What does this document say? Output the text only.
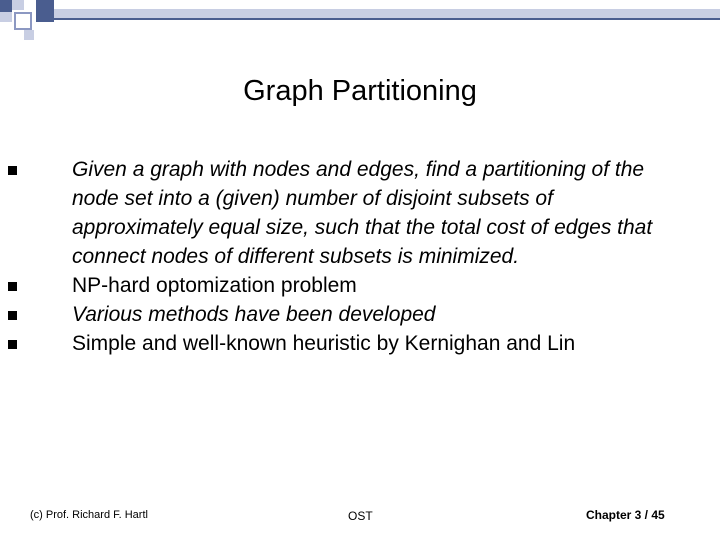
Graph Partitioning
Given a graph with nodes and edges, find a partitioning of the node set into a (given) number of disjoint subsets of approximately equal size, such that the total cost of edges that connect nodes of different subsets is minimized.
NP-hard optomization problem
Various methods have been developed
Simple and well-known heuristic by Kernighan and Lin
(c) Prof. Richard F. Hartl	OST	Chapter 3 / 45
